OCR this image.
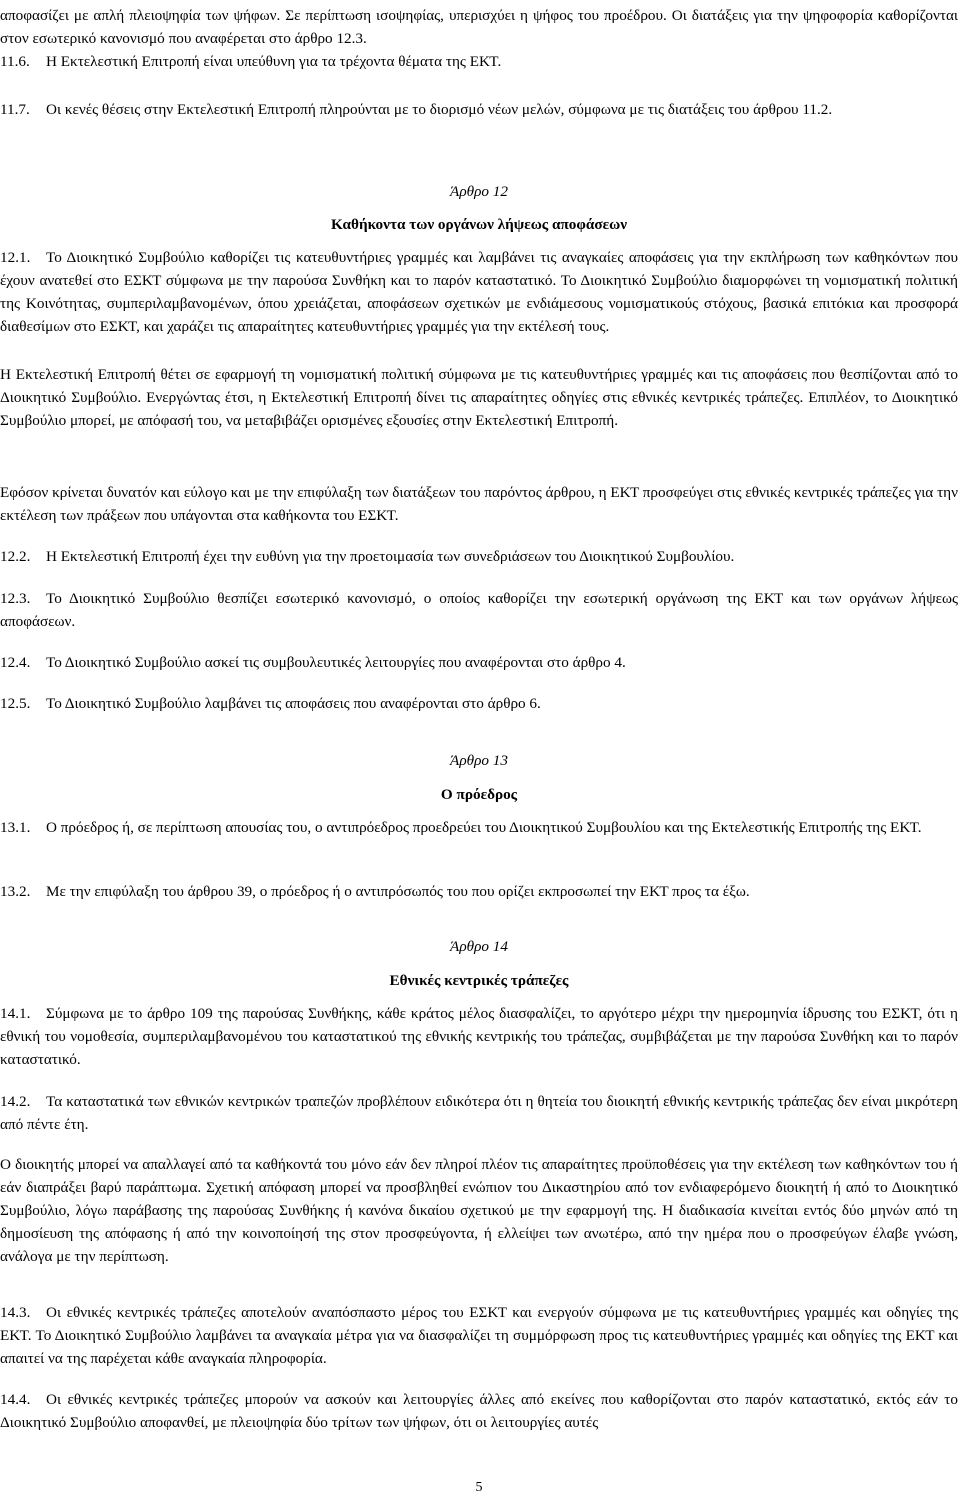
αποφασίζει με απλή πλειοψηφία των ψήφων. Σε περίπτωση ισοψηφίας, υπερισχύει η ψήφος του προέδρου. Οι διατάξεις για την ψηφοφορία καθορίζονται στον εσωτερικό κανονισμό που αναφέρεται στο άρθρο 12.3.
11.6. Η Εκτελεστική Επιτροπή είναι υπεύθυνη για τα τρέχοντα θέματα της ΕΚΤ.
11.7. Οι κενές θέσεις στην Εκτελεστική Επιτροπή πληρούνται με το διορισμό νέων μελών, σύμφωνα με τις διατάξεις του άρθρου 11.2.
Άρθρο 12
Καθήκοντα των οργάνων λήψεως αποφάσεων
12.1. Το Διοικητικό Συμβούλιο καθορίζει τις κατευθυντήριες γραμμές και λαμβάνει τις αναγκαίες αποφάσεις για την εκπλήρωση των καθηκόντων που έχουν ανατεθεί στο ΕΣΚΤ σύμφωνα με την παρούσα Συνθήκη και το παρόν καταστατικό. Το Διοικητικό Συμβούλιο διαμορφώνει τη νομισματική πολιτική της Κοινότητας, συμπεριλαμβανομένων, όπου χρειάζεται, αποφάσεων σχετικών με ενδιάμεσους νομισματικούς στόχους, βασικά επιτόκια και προσφορά διαθεσίμων στο ΕΣΚΤ, και χαράζει τις απαραίτητες κατευθυντήριες γραμμές για την εκτέλεσή τους.
Η Εκτελεστική Επιτροπή θέτει σε εφαρμογή τη νομισματική πολιτική σύμφωνα με τις κατευθυντήριες γραμμές και τις αποφάσεις που θεσπίζονται από το Διοικητικό Συμβούλιο. Ενεργώντας έτσι, η Εκτελεστική Επιτροπή δίνει τις απαραίτητες οδηγίες στις εθνικές κεντρικές τράπεζες. Επιπλέον, το Διοικητικό Συμβούλιο μπορεί, με απόφασή του, να μεταβιβάζει ορισμένες εξουσίες στην Εκτελεστική Επιτροπή.
Εφόσον κρίνεται δυνατόν και εύλογο και με την επιφύλαξη των διατάξεων του παρόντος άρθρου, η ΕΚΤ προσφεύγει στις εθνικές κεντρικές τράπεζες για την εκτέλεση των πράξεων που υπάγονται στα καθήκοντα του ΕΣΚΤ.
12.2. Η Εκτελεστική Επιτροπή έχει την ευθύνη για την προετοιμασία των συνεδριάσεων του Διοικητικού Συμβουλίου.
12.3. Το Διοικητικό Συμβούλιο θεσπίζει εσωτερικό κανονισμό, ο οποίος καθορίζει την εσωτερική οργάνωση της ΕΚΤ και των οργάνων λήψεως αποφάσεων.
12.4. Το Διοικητικό Συμβούλιο ασκεί τις συμβουλευτικές λειτουργίες που αναφέρονται στο άρθρο 4.
12.5. Το Διοικητικό Συμβούλιο λαμβάνει τις αποφάσεις που αναφέρονται στο άρθρο 6.
Άρθρο 13
Ο πρόεδρος
13.1. Ο πρόεδρος ή, σε περίπτωση απουσίας του, ο αντιπρόεδρος προεδρεύει του Διοικητικού Συμβουλίου και της Εκτελεστικής Επιτροπής της ΕΚΤ.
13.2. Με την επιφύλαξη του άρθρου 39, ο πρόεδρος ή ο αντιπρόσωπός του που ορίζει εκπροσωπεί την ΕΚΤ προς τα έξω.
Άρθρο 14
Εθνικές κεντρικές τράπεζες
14.1. Σύμφωνα με το άρθρο 109 της παρούσας Συνθήκης, κάθε κράτος μέλος διασφαλίζει, το αργότερο μέχρι την ημερομηνία ίδρυσης του ΕΣΚΤ, ότι η εθνική του νομοθεσία, συμπεριλαμβανομένου του καταστατικού της εθνικής κεντρικής του τράπεζας, συμβιβάζεται με την παρούσα Συνθήκη και το παρόν καταστατικό.
14.2. Τα καταστατικά των εθνικών κεντρικών τραπεζών προβλέπουν ειδικότερα ότι η θητεία του διοικητή εθνικής κεντρικής τράπεζας δεν είναι μικρότερη από πέντε έτη.
Ο διοικητής μπορεί να απαλλαγεί από τα καθήκοντά του μόνο εάν δεν πληροί πλέον τις απαραίτητες προϋποθέσεις για την εκτέλεση των καθηκόντων του ή εάν διαπράξει βαρύ παράπτωμα. Σχετική απόφαση μπορεί να προσβληθεί ενώπιον του Δικαστηρίου από τον ενδιαφερόμενο διοικητή ή από το Διοικητικό Συμβούλιο, λόγω παράβασης της παρούσας Συνθήκης ή κανόνα δικαίου σχετικού με την εφαρμογή της. Η διαδικασία κινείται εντός δύο μηνών από τη δημοσίευση της απόφασης ή από την κοινοποίησή της στον προσφεύγοντα, ή ελλείψει των ανωτέρω, από την ημέρα που ο προσφεύγων έλαβε γνώση, ανάλογα με την περίπτωση.
14.3. Οι εθνικές κεντρικές τράπεζες αποτελούν αναπόσπαστο μέρος του ΕΣΚΤ και ενεργούν σύμφωνα με τις κατευθυντήριες γραμμές και οδηγίες της ΕΚΤ. Το Διοικητικό Συμβούλιο λαμβάνει τα αναγκαία μέτρα για να διασφαλίζει τη συμμόρφωση προς τις κατευθυντήριες γραμμές και οδηγίες της ΕΚΤ και απαιτεί να της παρέχεται κάθε αναγκαία πληροφορία.
14.4. Οι εθνικές κεντρικές τράπεζες μπορούν να ασκούν και λειτουργίες άλλες από εκείνες που καθορίζονται στο παρόν καταστατικό, εκτός εάν το Διοικητικό Συμβούλιο αποφανθεί, με πλειοψηφία δύο τρίτων των ψήφων, ότι οι λειτουργίες αυτές
5
